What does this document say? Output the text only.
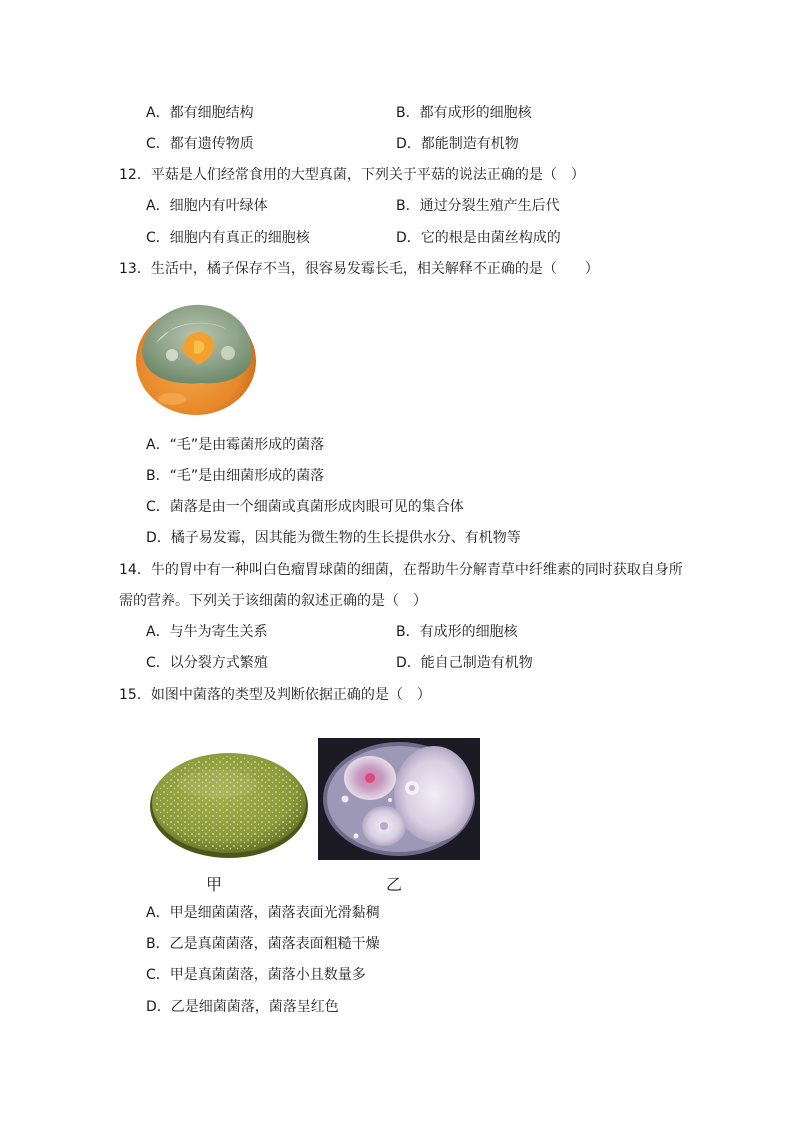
A．都有细胞结构	B．都有成形的细胞核
C．都有遗传物质	D．都能制造有机物
12．平菇是人们经常食用的大型真菌，下列关于平菇的说法正确的是（　）
A．细胞内有叶绿体	B．通过分裂生殖产生后代
C．细胞内有真正的细胞核	D．它的根是由菌丝构成的
13．生活中，橘子保存不当，很容易发霉长毛，相关解释不正确的是（　　）
A．“毛”是由霉菌形成的菌落
B．“毛”是由细菌形成的菌落
C．菌落是由一个细菌或真菌形成肉眼可见的集合体
D．橘子易发霉，因其能为微生物的生长提供水分、有机物等
14．牛的胃中有一种叫白色瘤胃球菌的细菌，在帮助牛分解青草中纤维素的同时获取自身所
需的营养。下列关于该细菌的叙述正确的是（　）
A．与牛为寄生关系	B．有成形的细胞核
C．以分裂方式繁殖	D．能自己制造有机物
15．如图中菌落的类型及判断依据正确的是（　）
甲	乙
A．甲是细菌菌落，菌落表面光滑黏稠
B．乙是真菌菌落，菌落表面粗糙干燥
C．甲是真菌菌落，菌落小且数量多
D．乙是细菌菌落，菌落呈红色
